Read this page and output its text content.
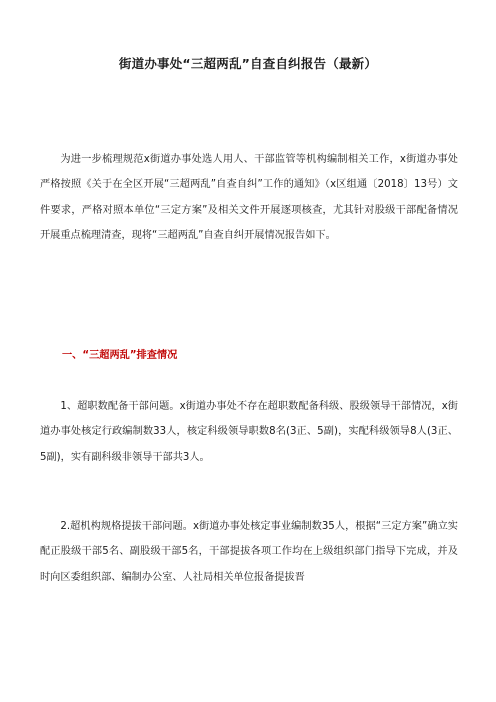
街道办事处“三超两乱”自查自纠报告（最新）

为进一步梳理规范x街道办事处选人用人、干部监管等机构编制相关工作，x街道办事处严格按照《关于在全区开展“三超两乱”自查自纠”工作的通知》（x区组通〔2018〕13号）文件要求，严格对照本单位“三定方案”及相关文件开展逐项核查，尤其针对股级干部配备情况开展重点梳理清查，现将“三超两乱”自查自纠开展情况报告如下。

一、“三超两乱”排查情况

1、超职数配备干部问题。x街道办事处不存在超职数配备科级、股级领导干部情况，x街道办事处核定行政编制数33人，核定科级领导职数8名(3正、5副)，实配科级领导8人(3正、5副)，实有副科级非领导干部共3人。

2.超机构规格提拔干部问题。x街道办事处核定事业编制数35人，根据“三定方案”确立实配正股级干部5名、副股级干部5名，干部提拔各项工作均在上级组织部门指导下完成，并及时向区委组织部、编制办公室、人社局相关单位报备提拔晋
